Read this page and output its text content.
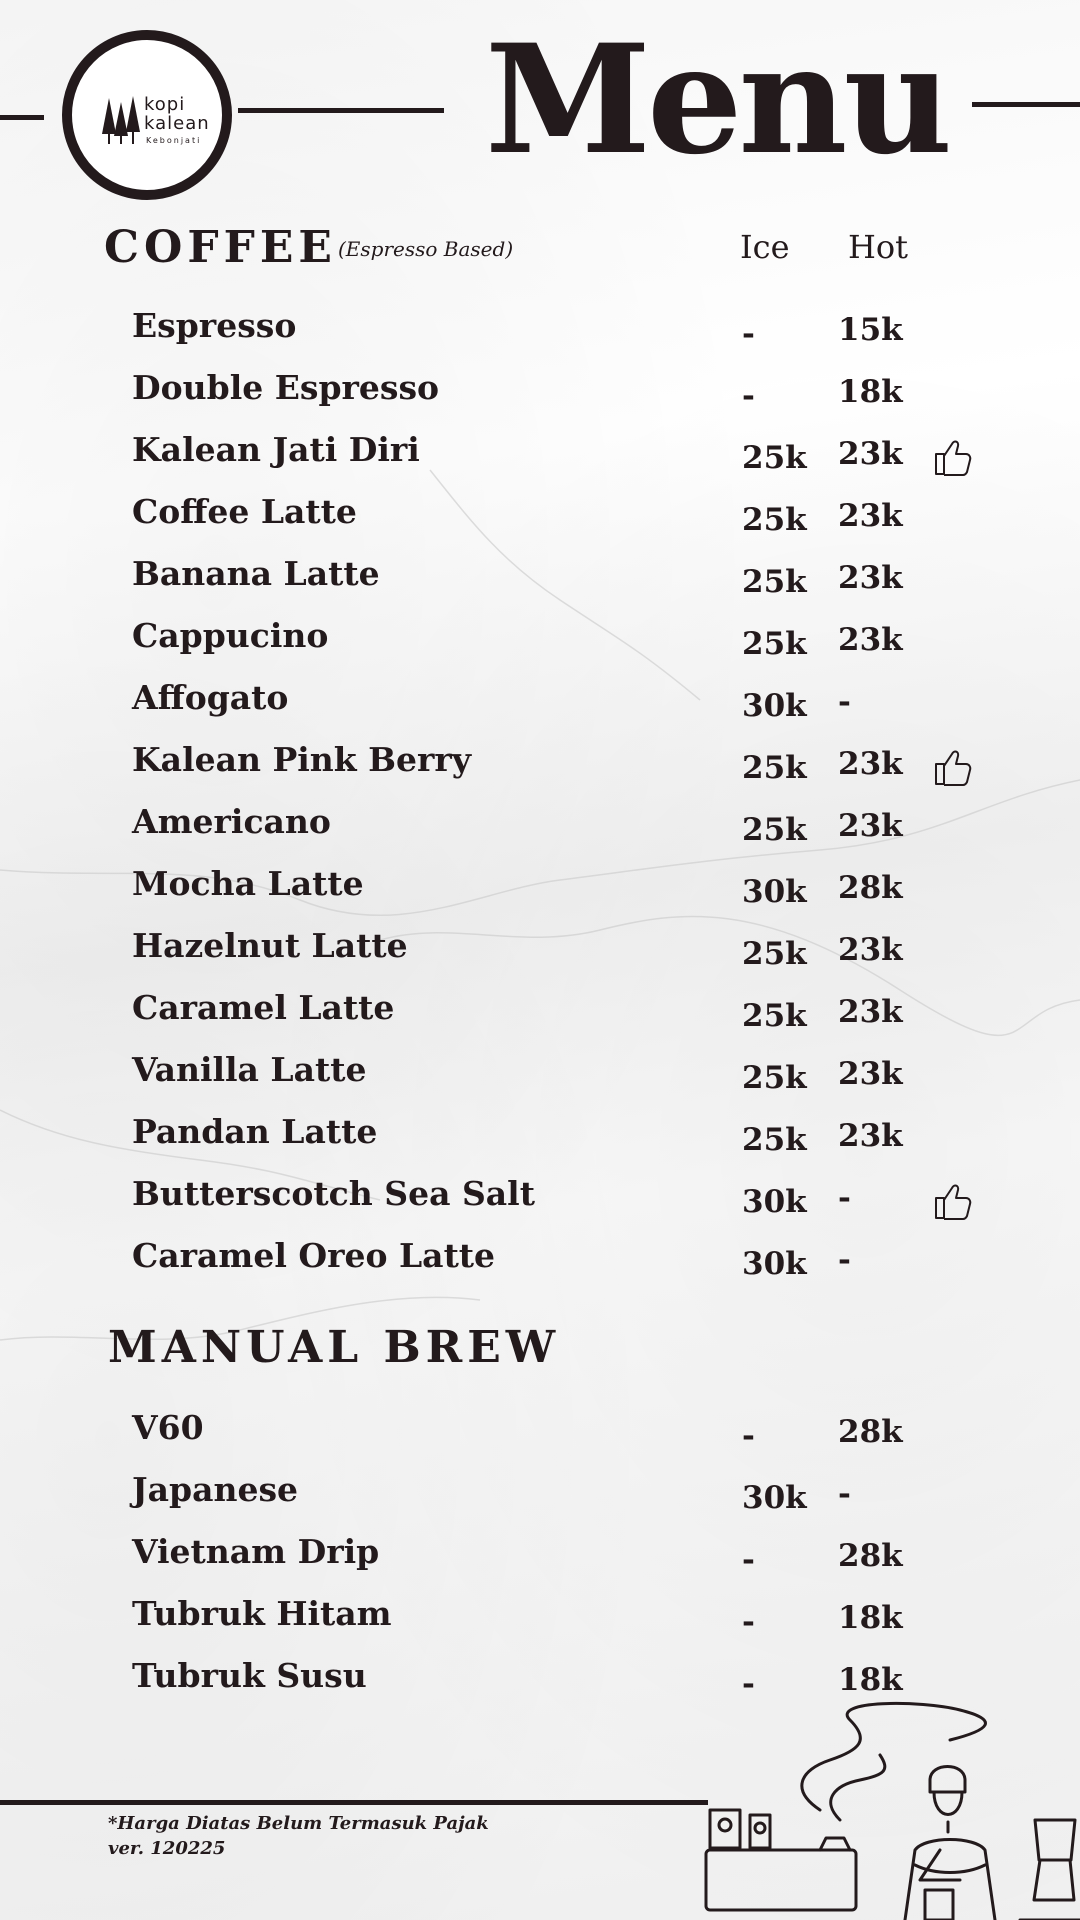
kopi
kalean
Kebonjati Menu
COFFEE (Espresso Based)	Ice Hot
Espresso	-	15k
Double Espresso	-	18k
Kalean Jati Diri	25k 23k
Coffee Latte	25k 23k
Banana Latte	25k 23k
Cappucino	25k 23k
Affogato	30k -
Kalean Pink Berry	25k 23k
Americano	25k 23k
Mocha Latte	30k 28k
Hazelnut Latte	25k 23k
Caramel Latte	25k 23k
Vanilla Latte	25k 23k
Pandan Latte	25k 23k
Butterscotch Sea Salt	30k -
Caramel Oreo Latte	30k -
MANUAL BREW
V60	-	28k
Japanese	30k -
Vietnam Drip	-	28k
Tubruk Hitam	-	18k
Tubruk Susu	-	18k
*Harga Diatas Belum Termasuk Pajak
ver. 120225
